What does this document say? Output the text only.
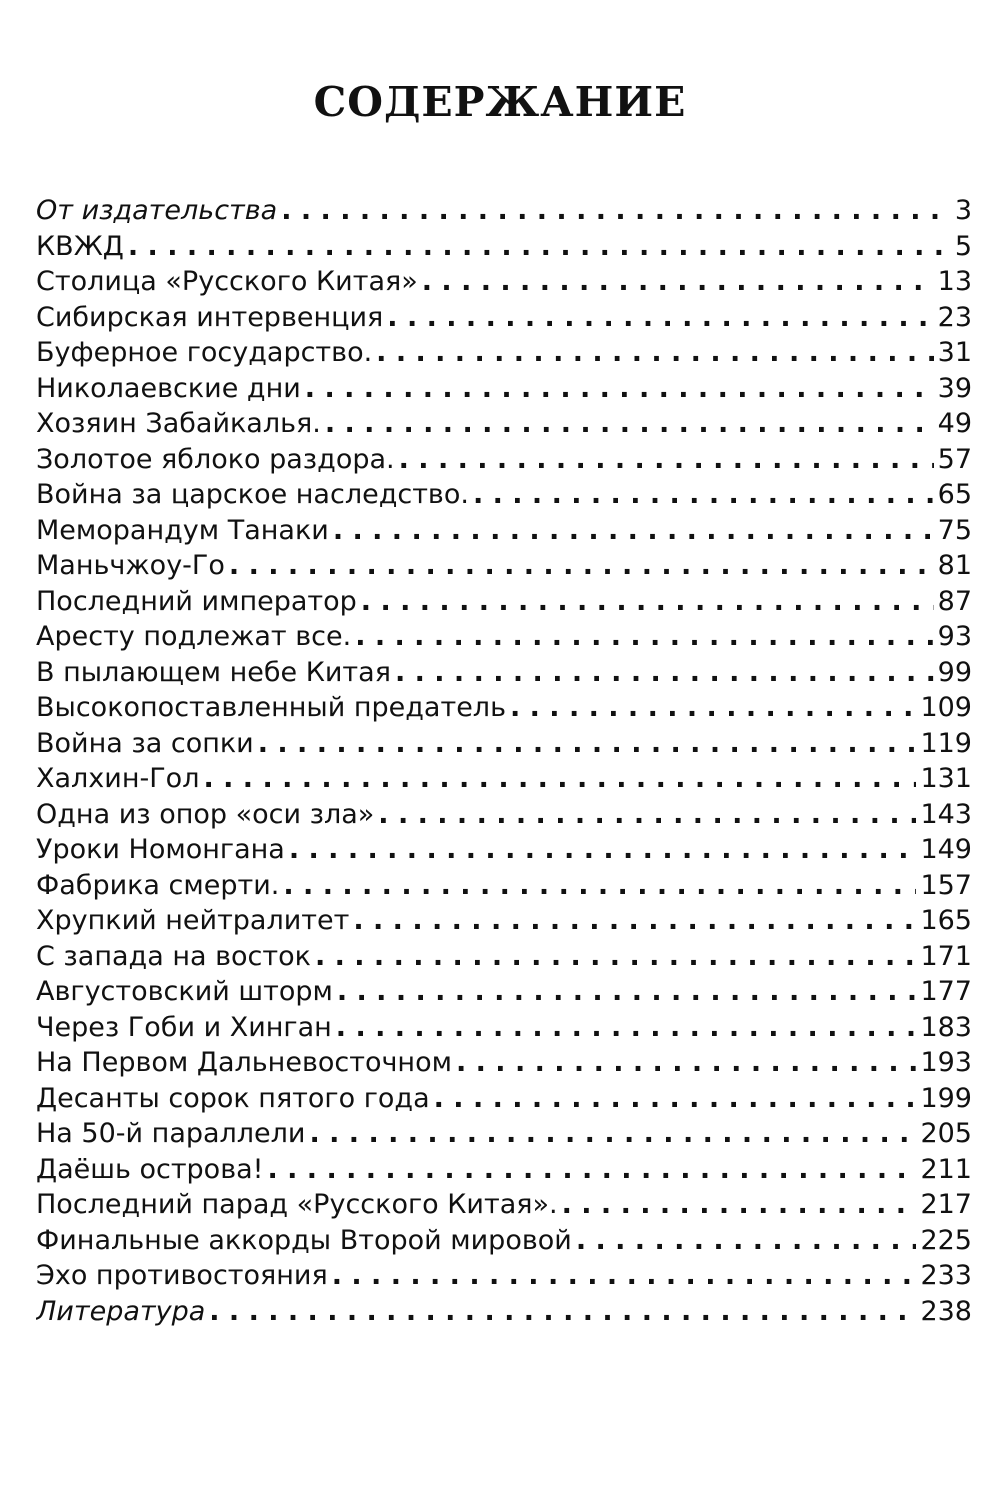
СОДЕРЖАНИЕ
От издательства . . .	3
КВЖД . . .	5
Столица «Русского Китая» . . .	13
Сибирская интервенция . . .	23
Буферное государство. . . .	31
Николаевские дни . . .	39
Хозяин Забайкалья. . . .	49
Золотое яблоко раздора. . . .	57
Война за царское наследство. . . .	65
Меморандум Танаки . . .	75
Маньчжоу-Го . . .	81
Последний император . . .	87
Аресту подлежат все. . . .	93
В пылающем небе Китая . . .	99
Высокопоставленный предатель . . .	109
Война за сопки . . .	119
Халхин-Гол . . .	131
Одна из опор «оси зла» . . .	143
Уроки Номонгана . . .	149
Фабрика смерти. . . .	157
Хрупкий нейтралитет . . .	165
С запада на восток . . .	171
Августовский шторм . . .	177
Через Гоби и Хинган . . .	183
На Первом Дальневосточном . . .	193
Десанты сорок пятого года . . .	199
На 50-й параллели . . .	205
Даёшь острова! . . .	211
Последний парад «Русского Китая». . . .	217
Финальные аккорды Второй мировой . . .	225
Эхо противостояния . . .	233
Литература . . .	238
